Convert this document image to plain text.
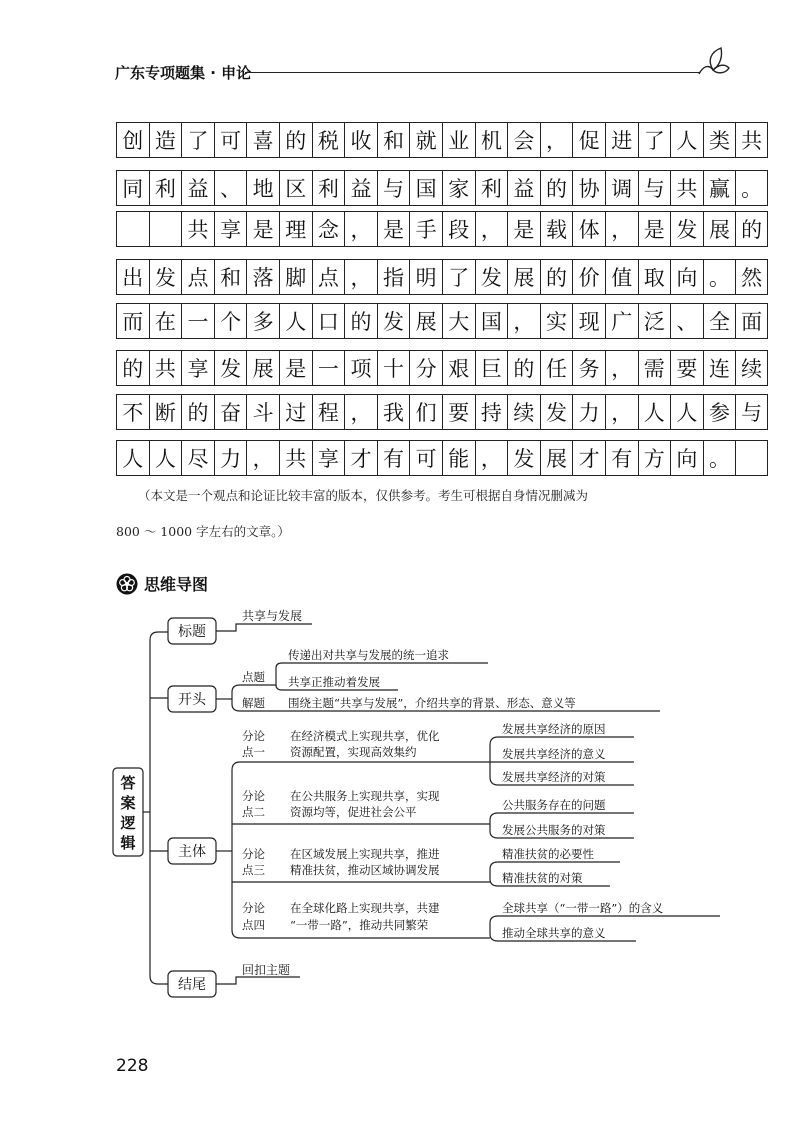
广东专项题集 · 申论
创 造 了 可 喜 的 税 收 和 就 业 机 会 ， 促 进 了 人 类 共
同 利 益 、 地 区 利 益 与 国 家 利 益 的 协 调 与 共 赢 。
共 享 是 理 念 ， 是 手 段 ， 是 载 体 ， 是 发 展 的
出 发 点 和 落 脚 点 ， 指 明 了 发 展 的 价 值 取 向 。 然
而 在 一 个 多 人 口 的 发 展 大 国 ， 实 现 广 泛 、 全 面
的 共 享 发 展 是 一 项 十 分 艰 巨 的 任 务 ， 需 要 连 续
不 断 的 奋 斗 过 程 ， 我 们 要 持 续 发 力 ， 人 人 参 与
人 人 尽 力 ， 共 享 才 有 可 能 ， 发 展 才 有 方 向 。
（本文是一个观点和论证比较丰富的版本，仅供参考。考生可根据自身情况删减为
800 ～ 1000 字左右的文章。）
思维导图
答
案
逻
辑
标题
开头
主体
结尾
共享与发展
回扣主题
点题
传递出对共享与发展的统一追求
共享正推动着发展
解题 围绕主题“共享与发展”，介绍共享的背景、形态、意义等
分论
点一
在经济模式上实现共享，优化
资源配置，实现高效集约
发展共享经济的原因
发展共享经济的意义
发展共享经济的对策
分论
点二
在公共服务上实现共享，实现
资源均等，促进社会公平	公共服务存在的问题
发展公共服务的对策
分论
点三
在区域发展上实现共享，推进
精准扶贫，推动区域协调发展
精准扶贫的必要性
精准扶贫的对策
分论
点四
在全球化路上实现共享，共建
“一带一路”，推动共同繁荣
全球共享（“一带一路”）的含义
推动全球共享的意义
228
